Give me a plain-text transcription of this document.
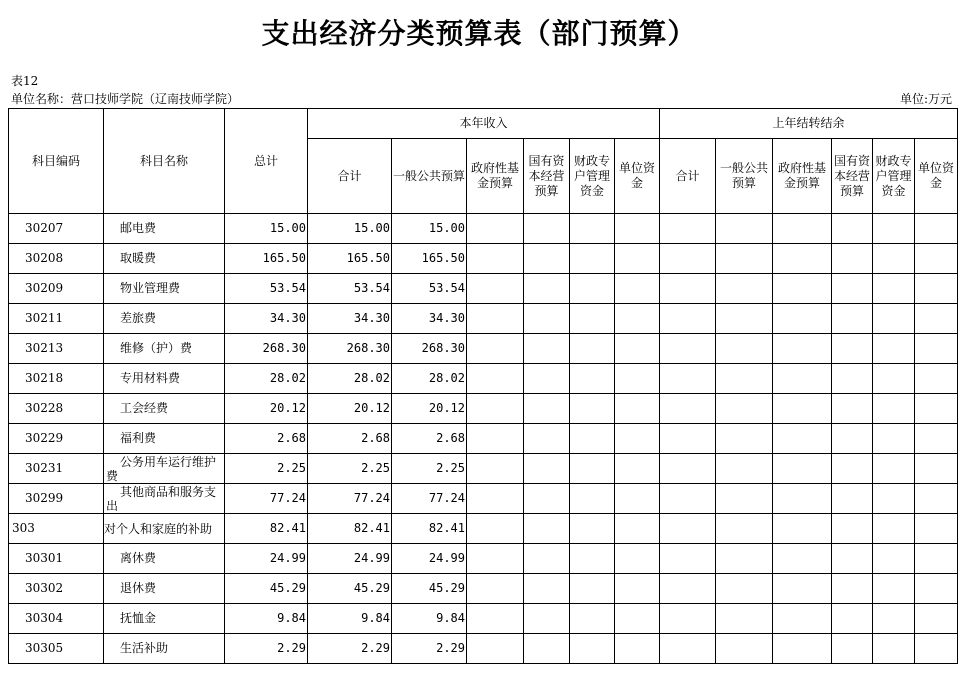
支出经济分类预算表（部门预算）
表12
单位名称：营口技师学院（辽南技师学院）	单位:万元
科目编码	科目名称	总计	本年收入						上年结转结余					
			合计	一般公共预算	政府性基金预算	国有资本经营预算	财政专户管理资金	单位资金	合计	一般公共预算	政府性基金预算	国有资本经营预算	财政专户管理资金	单位资金
30207	邮电费	15.00	15.00	15.00										
30208	取暖费	165.50	165.50	165.50										
30209	物业管理费	53.54	53.54	53.54										
30211	差旅费	34.30	34.30	34.30										
30213	维修（护）费	268.30	268.30	268.30										
30218	专用材料费	28.02	28.02	28.02										
30228	工会经费	20.12	20.12	20.12										
30229	福利费	2.68	2.68	2.68										
30231	公务用车运行维护费	2.25	2.25	2.25										
30299	其他商品和服务支出	77.24	77.24	77.24										
303	对个人和家庭的补助	82.41	82.41	82.41										
30301	离休费	24.99	24.99	24.99										
30302	退休费	45.29	45.29	45.29										
30304	抚恤金	9.84	9.84	9.84										
30305	生活补助	2.29	2.29	2.29										
